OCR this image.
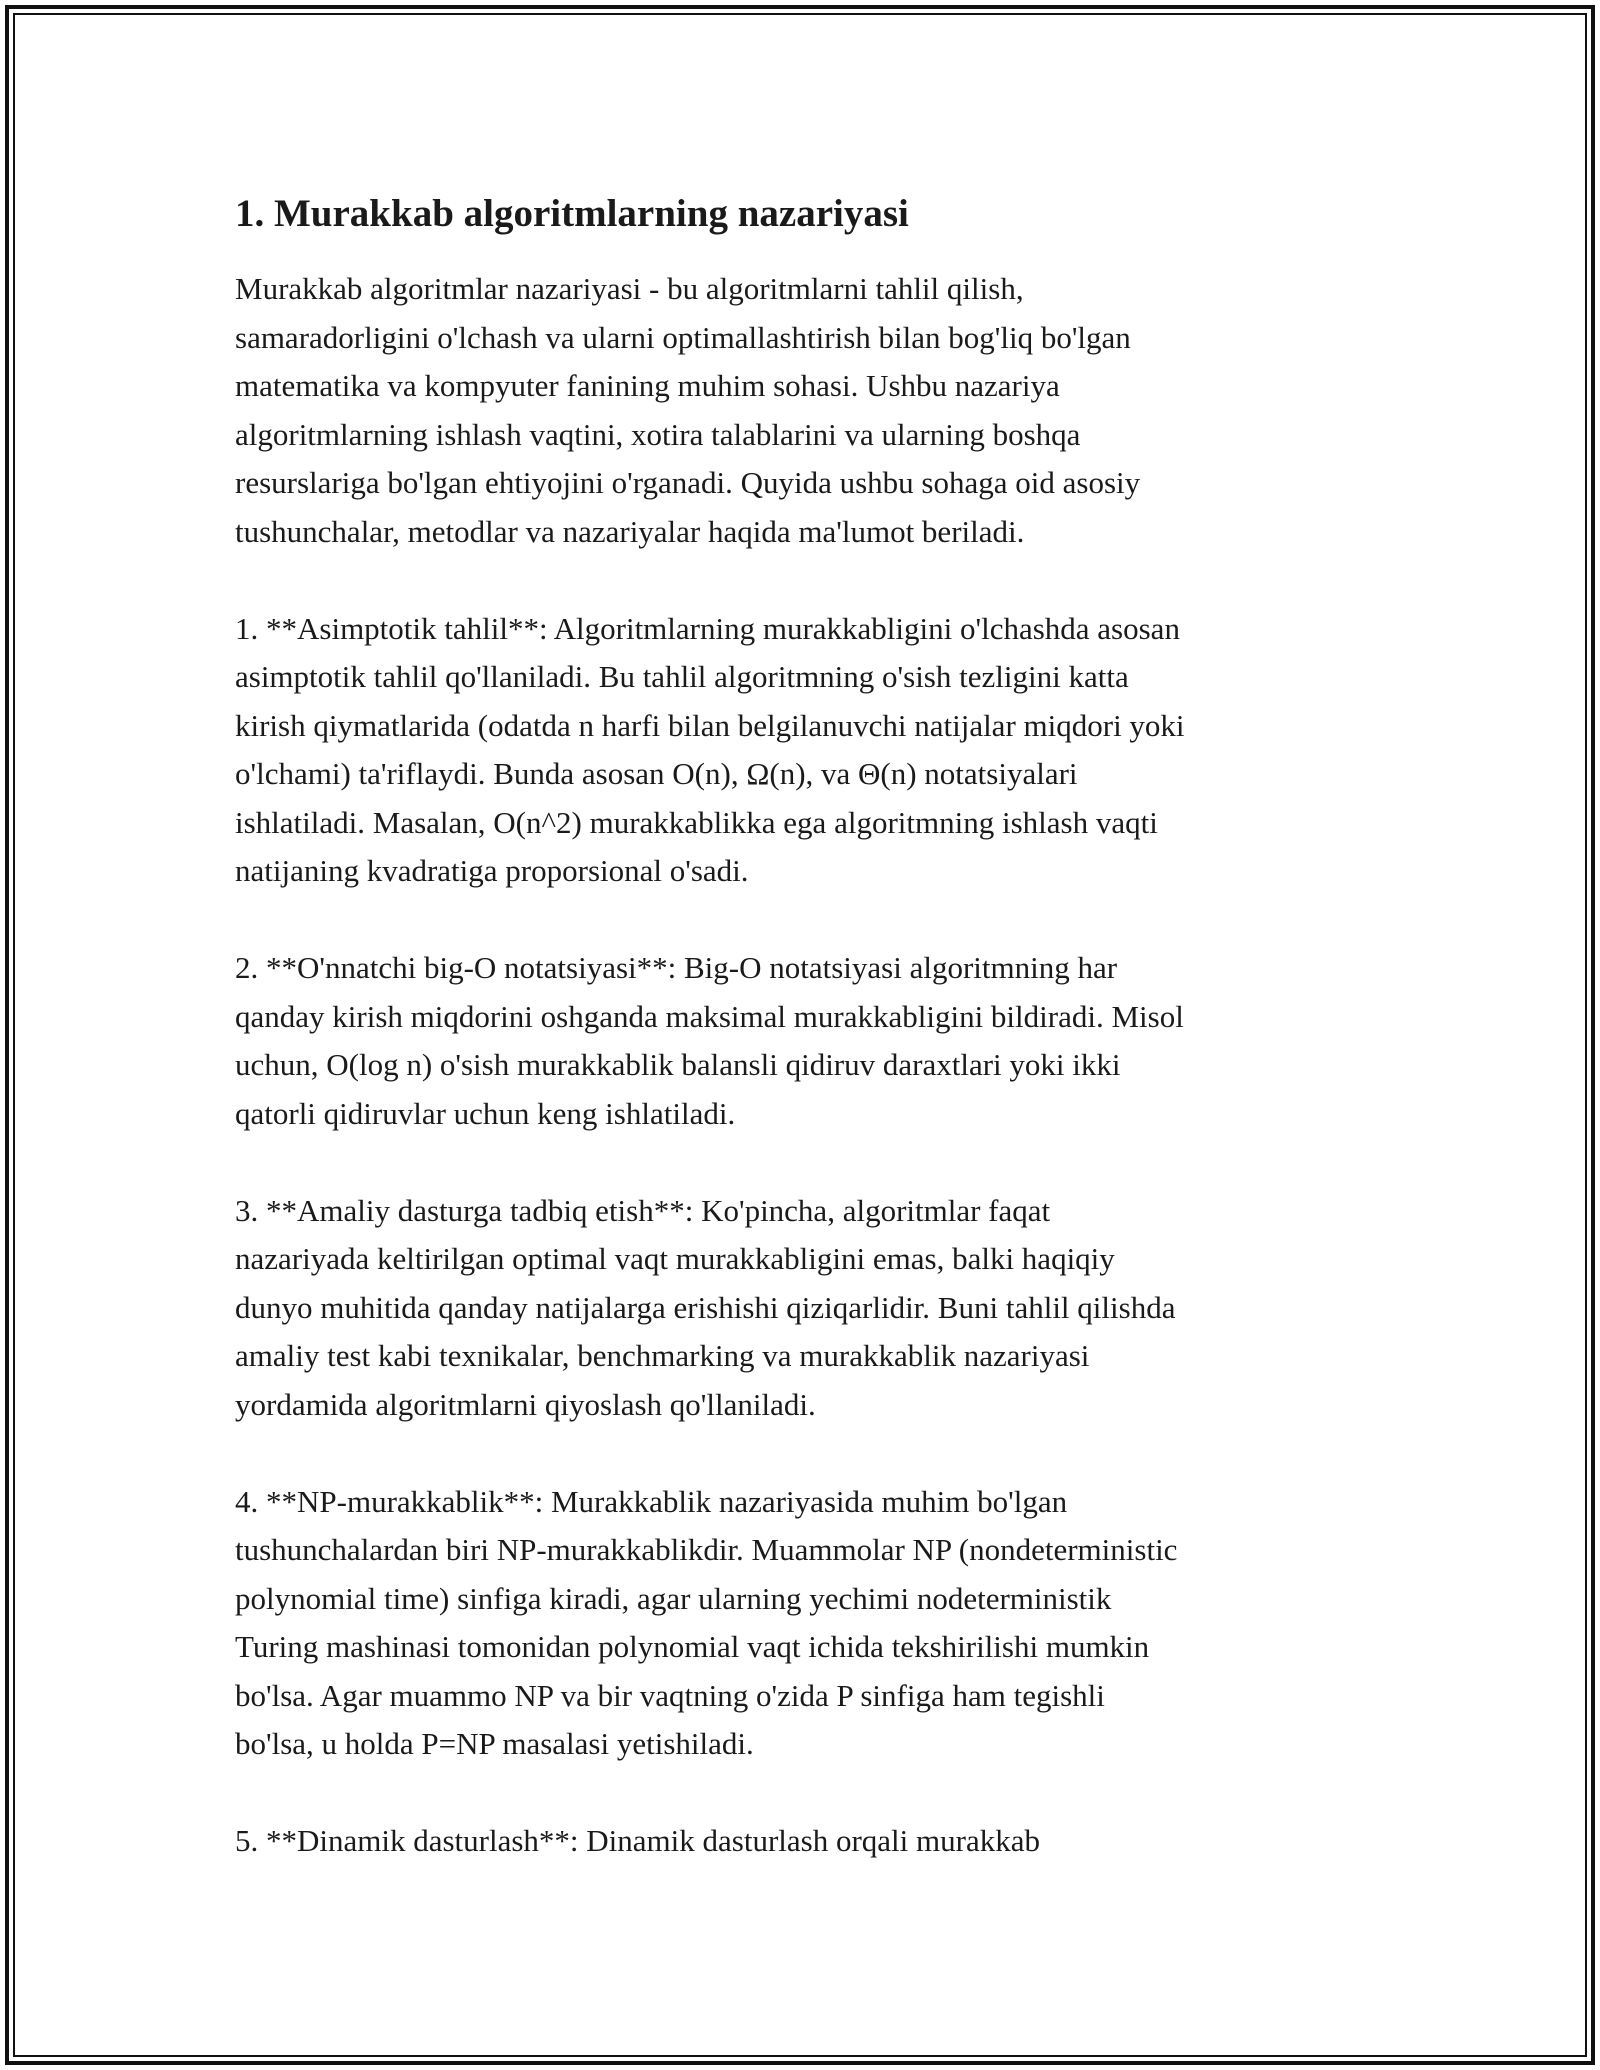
1. Murakkab algoritmlarning nazariyasi

Murakkab algoritmlar nazariyasi - bu algoritmlarni tahlil qilish,
samaradorligini o'lchash va ularni optimallashtirish bilan bog'liq bo'lgan
matematika va kompyuter fanining muhim sohasi. Ushbu nazariya
algoritmlarning ishlash vaqtini, xotira talablarini va ularning boshqa
resurslariga bo'lgan ehtiyojini o'rganadi. Quyida ushbu sohaga oid asosiy
tushunchalar, metodlar va nazariyalar haqida ma'lumot beriladi.

1. **Asimptotik tahlil**: Algoritmlarning murakkabligini o'lchashda asosan
asimptotik tahlil qo'llaniladi. Bu tahlil algoritmning o'sish tezligini katta
kirish qiymatlarida (odatda n harfi bilan belgilanuvchi natijalar miqdori yoki
o'lchami) ta'riflaydi. Bunda asosan O(n), Ω(n), va Θ(n) notatsiyalari
ishlatiladi. Masalan, O(n^2) murakkablikka ega algoritmning ishlash vaqti
natijaning kvadratiga proporsional o'sadi.

2. **O'nnatchi big-O notatsiyasi**: Big-O notatsiyasi algoritmning har
qanday kirish miqdorini oshganda maksimal murakkabligini bildiradi. Misol
uchun, O(log n) o'sish murakkablik balansli qidiruv daraxtlari yoki ikki
qatorli qidiruvlar uchun keng ishlatiladi.

3. **Amaliy dasturga tadbiq etish**: Ko'pincha, algoritmlar faqat
nazariyada keltirilgan optimal vaqt murakkabligini emas, balki haqiqiy
dunyo muhitida qanday natijalarga erishishi qiziqarlidir. Buni tahlil qilishda
amaliy test kabi texnikalar, benchmarking va murakkablik nazariyasi
yordamida algoritmlarni qiyoslash qo'llaniladi.

4. **NP-murakkablik**: Murakkablik nazariyasida muhim bo'lgan
tushunchalardan biri NP-murakkablikdir. Muammolar NP (nondeterministic
polynomial time) sinfiga kiradi, agar ularning yechimi nodeterministik
Turing mashinasi tomonidan polynomial vaqt ichida tekshirilishi mumkin
bo'lsa. Agar muammo NP va bir vaqtning o'zida P sinfiga ham tegishli
bo'lsa, u holda P=NP masalasi yetishiladi.

5. **Dinamik dasturlash**: Dinamik dasturlash orqali murakkab
